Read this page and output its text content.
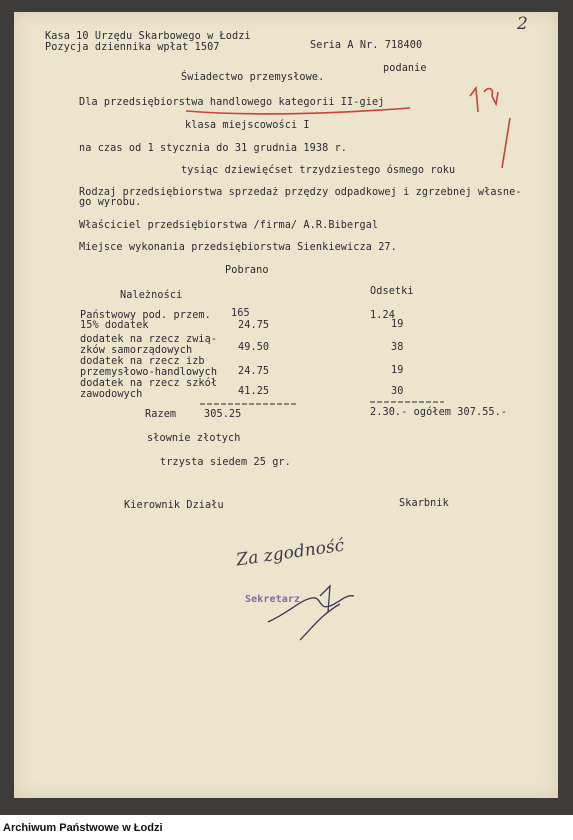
Kasa 10 Urzędu Skarbowego w Łodzi
Pozycja dziennika wpłat 1507	Seria A Nr. 718400
2
podanie
Świadectwo przemysłowe.
Dla przedsiębiorstwa handlowego kategorii II-giej
klasa miejscowości I
na czas od 1 stycznia do 31 grudnia 1938 r.
tysiąc dziewięćset trzydziestego ósmego roku
Rodzaj przedsiębiorstwa sprzedaż przędzy odpadkowej i zgrzebnej własne-
go wyrobu.
Właściciel przedsiębiorstwa /firma/ A.R.Bibergal
Miejsce wykonania przedsiębiorstwa Sienkiewicza 27.
Pobrano
Należności	Odsetki
Państwowy pod. przem. 165	1.24
15% dodatek	24.75	19
dodatek na rzecz zwią-
zków samorządowych	49.50	38
dodatek na rzecz izb
przemysłowo-handlowych 24.75	19
dodatek na rzecz szkół
zawodowych	41.25	30
Razem	305.25	2.30.- ogółem 307.55.-
słownie złotych
trzysta siedem 25 gr.
Kierownik Działu	Skarbnik
Za zgodność
Sekretarz
Archiwum Państwowe w Łodzi
